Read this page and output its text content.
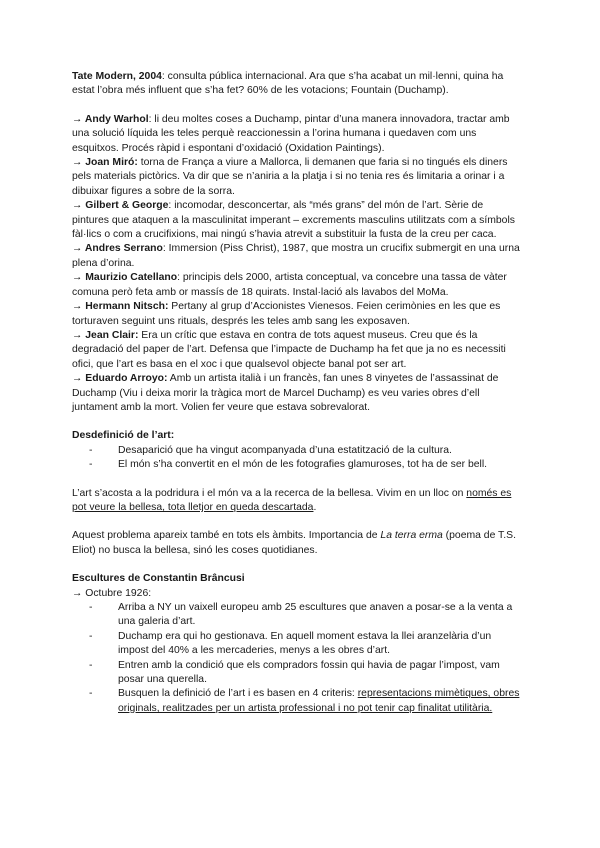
Tate Modern, 2004: consulta pública internacional. Ara que s’ha acabat un mil·lenni, quina ha estat l’obra més influent que s’ha fet? 60% de les votacions; Fountain (Duchamp).

→ Andy Warhol: li deu moltes coses a Duchamp, pintar d’una manera innovadora, tractar amb una solució líquida les teles perquè reaccionessin a l’orina humana i quedaven com uns esquitxos. Procés ràpid i espontani d’oxidació (Oxidation Paintings).

→ Joan Miró: torna de França a viure a Mallorca, li demanen que faria si no tingués els diners pels materials pictòrics. Va dir que se n’aniria a la platja i si no tenia res és limitaria a orinar i a dibuixar figures a sobre de la sorra.

→ Gilbert & George: incomodar, desconcertar, als “més grans” del món de l’art. Sèrie de pintures que ataquen a la masculinitat imperant – excrements masculins utilitzats com a símbols fàl·lics o com a crucifixions, mai ningú s’havia atrevit a substituir la fusta de la creu per caca.

→ Andres Serrano: Immersion (Piss Christ), 1987, que mostra un crucifix submergit en una urna plena d’orina.

→ Maurizio Catellano: principis dels 2000, artista conceptual, va concebre una tassa de vàter comuna però feta amb or massís de 18 quirats. Instal·lació als lavabos del MoMa.

→ Hermann Nitsch: Pertany al grup d’Accionistes Vienesos. Feien cerimònies en les que es torturaven seguint uns rituals, després les teles amb sang les exposaven.

→ Jean Clair: Era un crític que estava en contra de tots aquest museus. Creu que és la degradació del paper de l’art. Defensa que l’impacte de Duchamp ha fet que ja no es necessiti ofici, que l’art es basa en el xoc i que qualsevol objecte banal pot ser art.

→ Eduardo Arroyo: Amb un artista italià i un francès, fan unes 8 vinyetes de l’assassinat de Duchamp (Viu i deixa morir la tràgica mort de Marcel Duchamp) es veu varies obres d’ell juntament amb la mort. Volien fer veure que estava sobrevalorat.

Desdefinició de l’art:

- Desaparició que ha vingut acompanyada d’una estatització de la cultura.
- El món s’ha convertit en el món de les fotografies glamuroses, tot ha de ser bell.

L’art s’acosta a la podridura i el món va a la recerca de la bellesa. Vivim en un lloc on només es pot veure la bellesa, tota lletjor en queda descartada.

Aquest problema apareix també en tots els àmbits. Importancia de La terra erma (poema de T.S. Eliot) no busca la bellesa, sinó les coses quotidianes.

Escultures de Constantin Brâncusi

→ Octubre 1926:

- Arriba a NY un vaixell europeu amb 25 escultures que anaven a posar-se a la venta a una galeria d’art.
- Duchamp era qui ho gestionava. En aquell moment estava la llei aranzelària d’un impost del 40% a les mercaderies, menys a les obres d’art.
- Entren amb la condició que els compradors fossin qui havia de pagar l’impost, vam posar una querella.
- Busquen la definició de l’art i es basen en 4 criteris: representacions mimètiques, obres originals, realitzades per un artista professional i no pot tenir cap finalitat utilitària.
